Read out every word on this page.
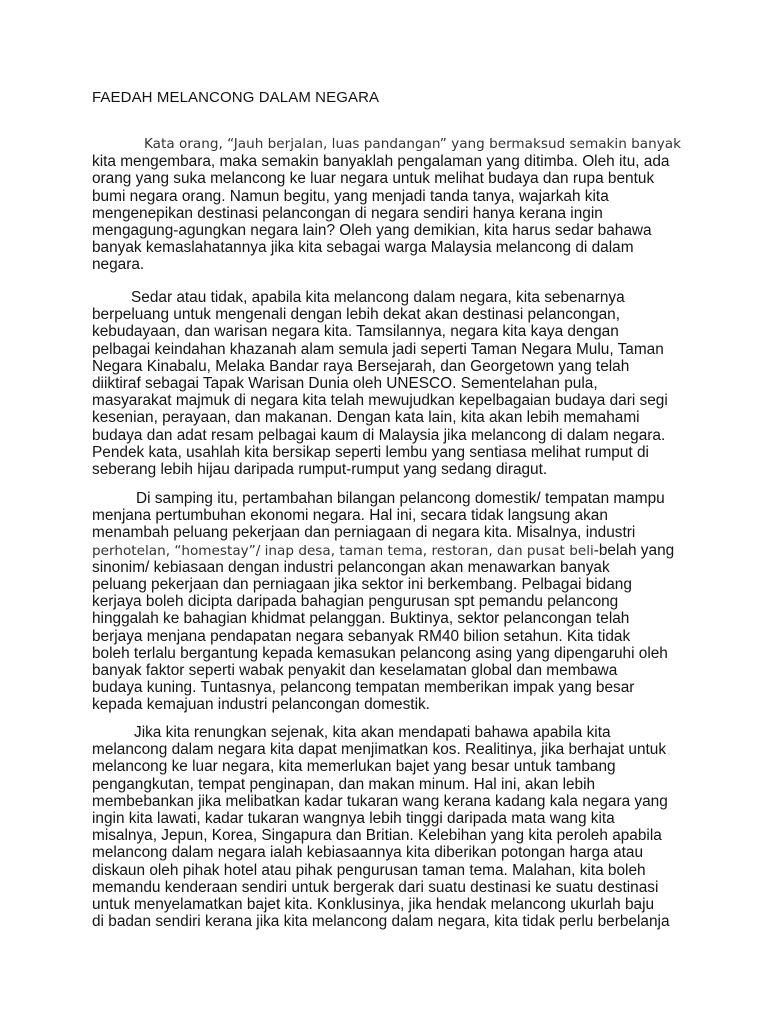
FAEDAH MELANCONG DALAM NEGARA
Kata orang, “Jauh berjalan, luas pandangan” yang bermaksud semakin banyak
kita mengembara, maka semakin banyaklah pengalaman yang ditimba. Oleh itu, ada
orang yang suka melancong ke luar negara untuk melihat budaya dan rupa bentuk
bumi negara orang. Namun begitu, yang menjadi tanda tanya, wajarkah kita
mengenepikan destinasi pelancongan di negara sendiri hanya kerana ingin
mengagung-agungkan negara lain? Oleh yang demikian, kita harus sedar bahawa
banyak kemaslahatannya jika kita sebagai warga Malaysia melancong di dalam
negara.
Sedar atau tidak, apabila kita melancong dalam negara, kita sebenarnya
berpeluang untuk mengenali dengan lebih dekat akan destinasi pelancongan,
kebudayaan, dan warisan negara kita. Tamsilannya, negara kita kaya dengan
pelbagai keindahan khazanah alam semula jadi seperti Taman Negara Mulu, Taman
Negara Kinabalu, Melaka Bandar raya Bersejarah, dan Georgetown yang telah
diiktiraf sebagai Tapak Warisan Dunia oleh UNESCO. Sementelahan pula,
masyarakat majmuk di negara kita telah mewujudkan kepelbagaian budaya dari segi
kesenian, perayaan, dan makanan. Dengan kata lain, kita akan lebih memahami
budaya dan adat resam pelbagai kaum di Malaysia jika melancong di dalam negara.
Pendek kata, usahlah kita bersikap seperti lembu yang sentiasa melihat rumput di
seberang lebih hijau daripada rumput-rumput yang sedang diragut.
Di samping itu, pertambahan bilangan pelancong domestik/ tempatan mampu
menjana pertumbuhan ekonomi negara. Hal ini, secara tidak langsung akan
menambah peluang pekerjaan dan perniagaan di negara kita. Misalnya, industri
perhotelan, “homestay”/ inap desa, taman tema, restoran, dan pusat beli-belah yang
sinonim/ kebiasaan dengan industri pelancongan akan menawarkan banyak
peluang pekerjaan dan perniagaan jika sektor ini berkembang. Pelbagai bidang
kerjaya boleh dicipta daripada bahagian pengurusan spt pemandu pelancong
hinggalah ke bahagian khidmat pelanggan. Buktinya, sektor pelancongan telah
berjaya menjana pendapatan negara sebanyak RM40 bilion setahun. Kita tidak
boleh terlalu bergantung kepada kemasukan pelancong asing yang dipengaruhi oleh
banyak faktor seperti wabak penyakit dan keselamatan global dan membawa
budaya kuning. Tuntasnya, pelancong tempatan memberikan impak yang besar
kepada kemajuan industri pelancongan domestik.
Jika kita renungkan sejenak, kita akan mendapati bahawa apabila kita
melancong dalam negara kita dapat menjimatkan kos. Realitinya, jika berhajat untuk
melancong ke luar negara, kita memerlukan bajet yang besar untuk tambang
pengangkutan, tempat penginapan, dan makan minum. Hal ini, akan lebih
membebankan jika melibatkan kadar tukaran wang kerana kadang kala negara yang
ingin kita lawati, kadar tukaran wangnya lebih tinggi daripada mata wang kita
misalnya, Jepun, Korea, Singapura dan Britian. Kelebihan yang kita peroleh apabila
melancong dalam negara ialah kebiasaannya kita diberikan potongan harga atau
diskaun oleh pihak hotel atau pihak pengurusan taman tema. Malahan, kita boleh
memandu kenderaan sendiri untuk bergerak dari suatu destinasi ke suatu destinasi
untuk menyelamatkan bajet kita. Konklusinya, jika hendak melancong ukurlah baju
di badan sendiri kerana jika kita melancong dalam negara, kita tidak perlu berbelanja
